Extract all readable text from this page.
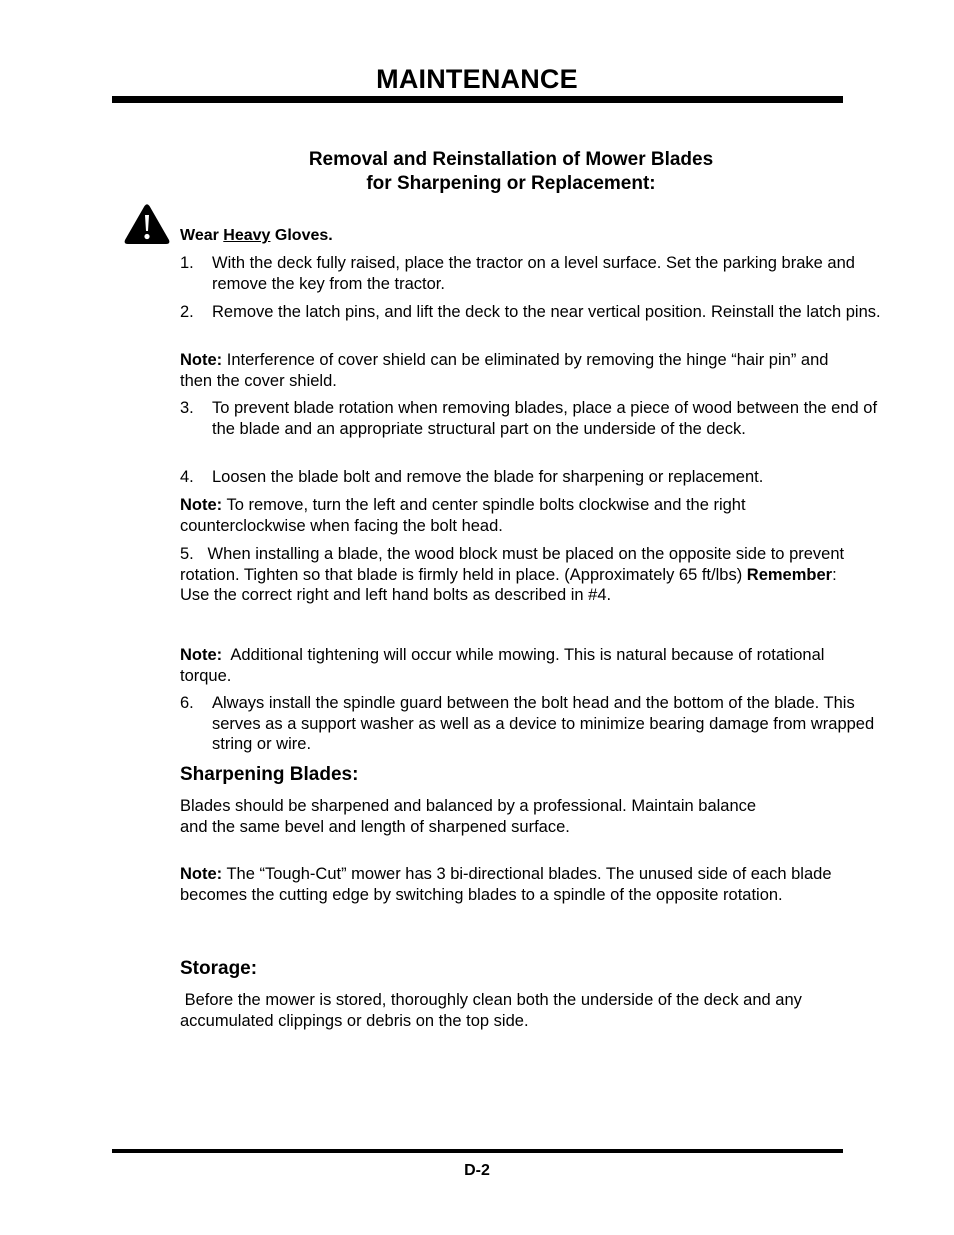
MAINTENANCE
Removal and Reinstallation of Mower Blades
for Sharpening or Replacement:
Wear Heavy Gloves.
1. With the deck fully raised, place the tractor on a level surface. Set the parking brake and remove the key from the tractor.
2. Remove the latch pins, and lift the deck to the near vertical position. Reinstall the latch pins.
Note: Interference of cover shield can be eliminated by removing the hinge “hair pin” and then the cover shield.
3. To prevent blade rotation when removing blades, place a piece of wood between the end of the blade and an appropriate structural part on the underside of the deck.
4. Loosen the blade bolt and remove the blade for sharpening or replacement.
Note: To remove, turn the left and center spindle bolts clockwise and the right counterclockwise when facing the bolt head.
5. When installing a blade, the wood block must be placed on the opposite side to prevent rotation. Tighten so that blade is firmly held in place. (Approximately 65 ft/lbs) Remember: Use the correct right and left hand bolts as described in #4.
Note:  Additional tightening will occur while mowing. This is natural because of rotational torque.
6. Always install the spindle guard between the bolt head and the bottom of the blade. This serves as a support washer as well as a device to minimize bearing damage from wrapped string or wire.
Sharpening Blades:
Blades should be sharpened and balanced by a professional. Maintain balance and the same bevel and length of sharpened surface.
Note: The “Tough-Cut” mower has 3 bi-directional blades. The unused side of each blade becomes the cutting edge by switching blades to a spindle of the opposite rotation.
Storage:
Before the mower is stored, thoroughly clean both the underside of the deck and any accumulated clippings or debris on the top side.
D-2
